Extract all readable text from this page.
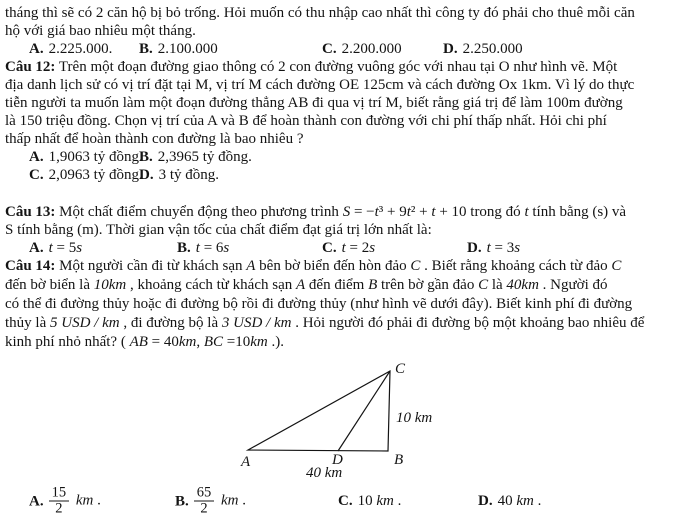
tháng thì sẽ có 2 căn hộ bị bỏ trống. Hỏi muốn có thu nhập cao nhất thì công ty đó phải cho thuê mỗi căn
hộ với giá bao nhiêu một tháng.
A. 2.225.000. B. 2.100.000	C. 2.200.000	D. 2.250.000
Câu 12: Trên một đoạn đường giao thông có 2 con đường vuông góc với nhau tại O như hình vẽ. Một
địa danh lịch sử có vị trí đặt tại M, vị trí M cách đường OE 125cm và cách đường Ox 1km. Vì lý do thực
tiễn người ta muốn làm một đoạn đường thẳng AB đi qua vị trí M, biết rằng giá trị để làm 100m đường
là 150 triệu đồng. Chọn vị trí của A và B để hoàn thành con đường với chi phí thấp nhất. Hỏi chi phí
thấp nhất để hoàn thành con đường là bao nhiêu ?
A. 1,9063 tỷ đồng.
B. 2,3965 tỷ đồng.
C. 2,0963 tỷ đồng.
D. 3 tỷ đồng.
Câu 13: Một chất điểm chuyển động theo phương trình S = −t³ + 9t² + t + 10 trong đó t tính bằng (s) và
S tính bằng (m). Thời gian vận tốc của chất điểm đạt giá trị lớn nhất là:
A. t = 5s	B. t = 6s	C. t = 2s	D. t = 3s
Câu 14: Một người cần đi từ khách sạn A bên bờ biển đến hòn đảo C . Biết rằng khoảng cách từ đảo C
đến bờ biển là 10km , khoảng cách từ khách sạn A đến điểm B trên bờ gần đảo C là 40km . Người đó
có thể đi đường thủy hoặc đi đường bộ rồi đi đường thủy (như hình vẽ dưới đây). Biết kinh phí đi đường
thủy là 5 USD / km , đi đường bộ là 3 USD / km . Hỏi người đó phải đi đường bộ một khoảng bao nhiêu để
kinh phí nhỏ nhất? ( AB = 40km, BC =10km .).
A	D	B
C
10 km
40 km
A. $\frac{15}{2}$ km .	B. $\frac{65}{2}$ km .	C. 10 km .	D. 40 km .
